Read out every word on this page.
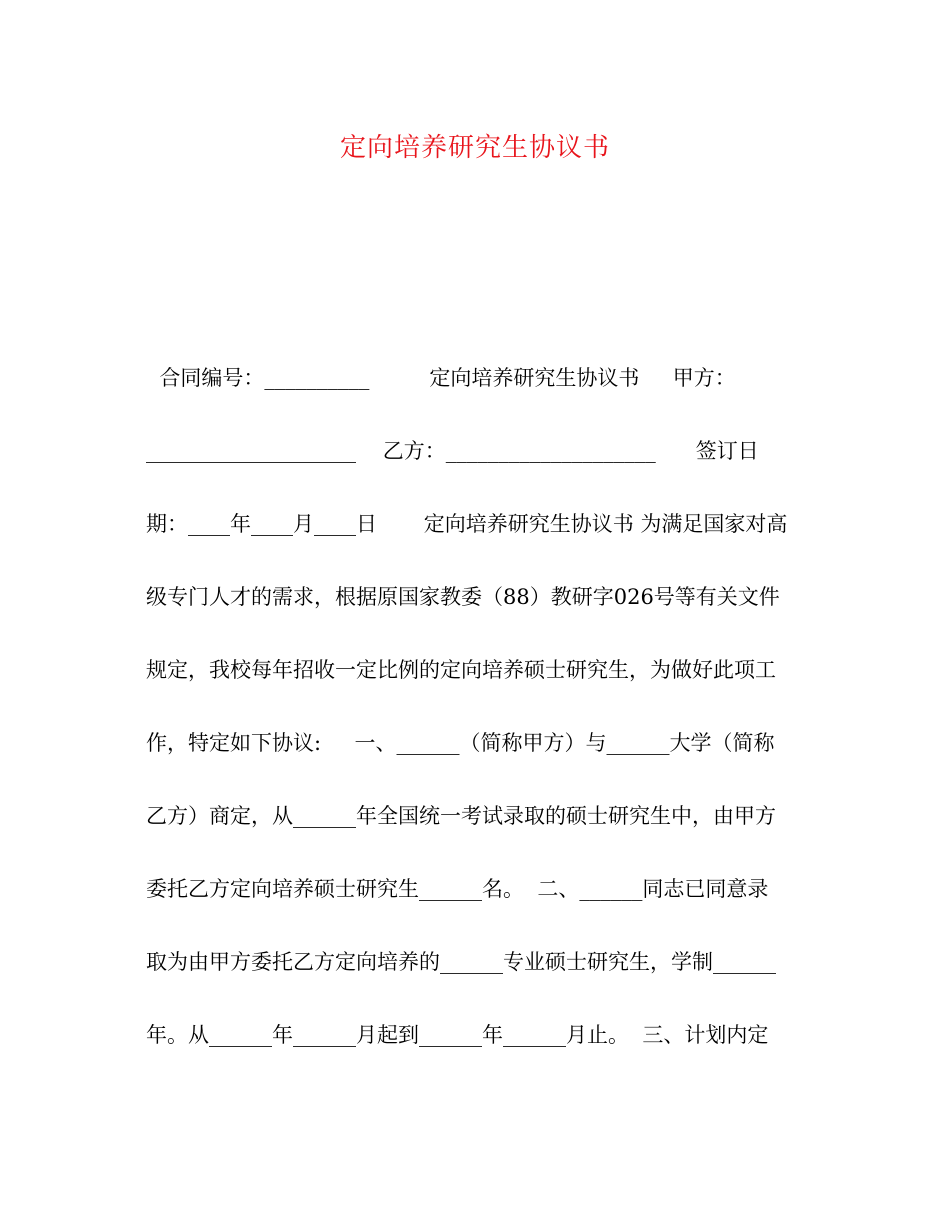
定向培养研究生协议书
合同编号：__________         定向培养研究生协议书     甲方：
____________________    乙方：____________________      签订日
期：____年____月____日       定向培养研究生协议书 为满足国家对高
级专门人才的需求，根据原国家教委（88）教研字026号等有关文件
规定，我校每年招收一定比例的定向培养硕士研究生，为做好此项工
作，特定如下协议:     一、______（简称甲方）与______大学（简称
乙方）商定，从______年全国统一考试录取的硕士研究生中，由甲方
委托乙方定向培养硕士研究生______名。  二、______同志已同意录
取为由甲方委托乙方定向培养的______专业硕士研究生，学制______
年。从______年______月起到______年______月止。  三、计划内定
